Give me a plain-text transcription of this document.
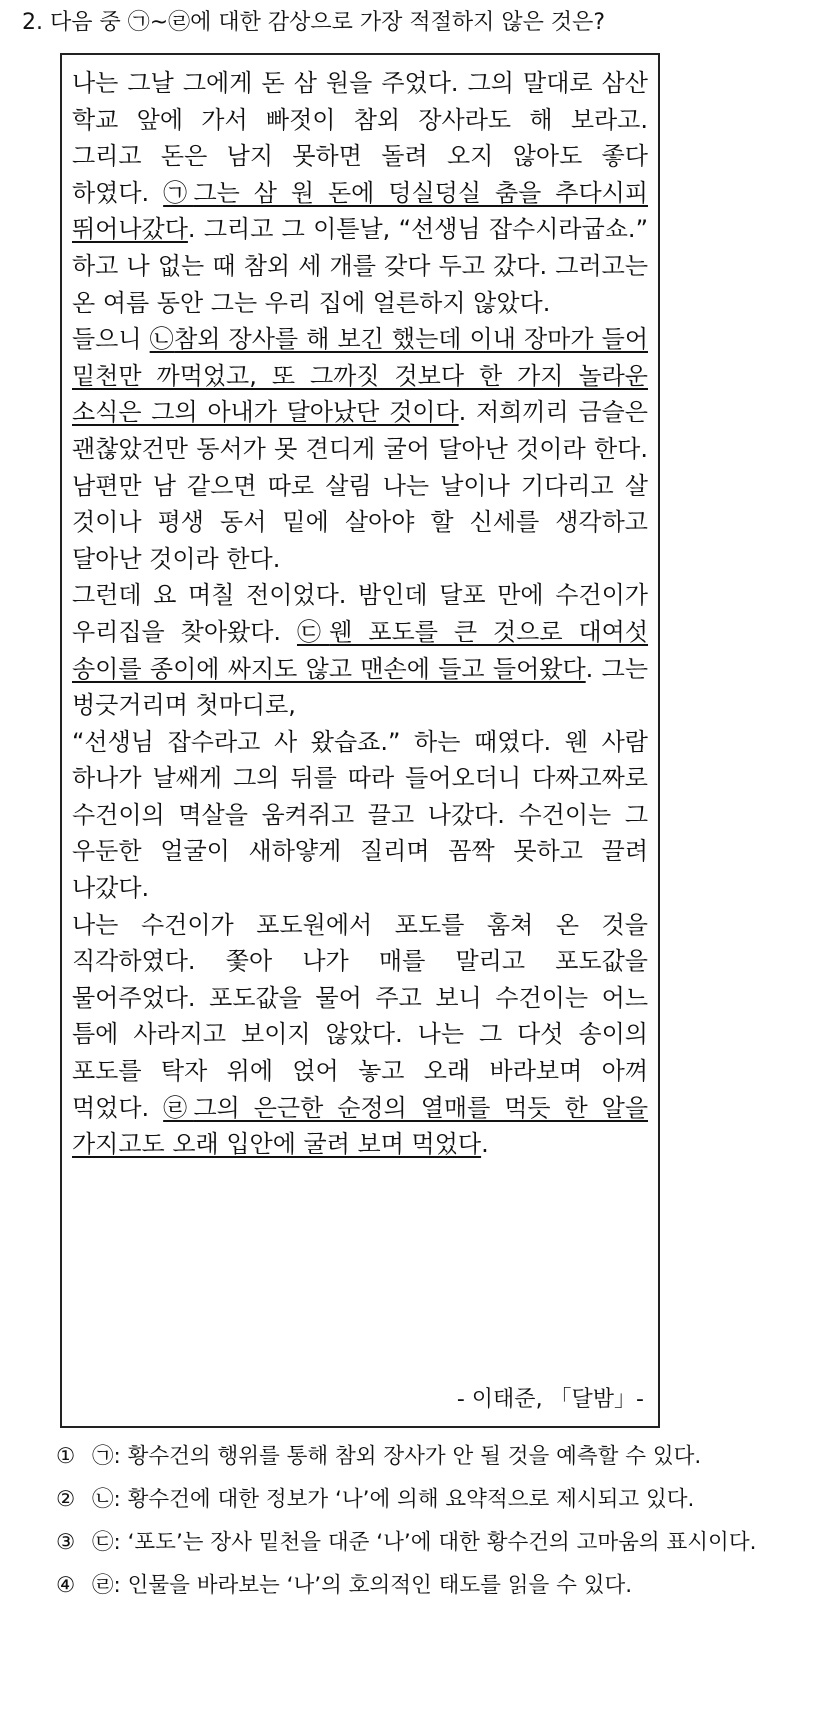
2. 다음 중 ㉠~㉣에 대한 감상으로 가장 적절하지 않은 것은?

나는 그날 그에게 돈 삼 원을 주었다. 그의 말대로 삼산 학교 앞에 가서 빠젓이 참외 장사라도 해 보라고. 그리고 돈은 남지 못하면 돌려 오지 않아도 좋다 하였다. ㉠그는 삼 원 돈에 덩실덩실 춤을 추다시피 뛰어나갔다. 그리고 그 이튿날, “선생님 잡수시라굽쇼.” 하고 나 없는 때 참외 세 개를 갖다 두고 갔다. 그러고는 온 여름 동안 그는 우리 집에 얼른하지 않았다.

들으니 ㉡참외 장사를 해 보긴 했는데 이내 장마가 들어 밑천만 까먹었고, 또 그까짓 것보다 한 가지 놀라운 소식은 그의 아내가 달아났단 것이다. 저희끼리 금슬은 괜찮았건만 동서가 못 견디게 굴어 달아난 것이라 한다. 남편만 남 같으면 따로 살림 나는 날이나 기다리고 살 것이나 평생 동서 밑에 살아야 할 신세를 생각하고 달아난 것이라 한다.

그런데 요 며칠 전이었다. 밤인데 달포 만에 수건이가 우리집을 찾아왔다. ㉢웬 포도를 큰 것으로 대여섯 송이를 종이에 싸지도 않고 맨손에 들고 들어왔다. 그는 벙긋거리며 첫마디로,

“선생님 잡수라고 사 왔습죠.” 하는 때였다. 웬 사람 하나가 날쌔게 그의 뒤를 따라 들어오더니 다짜고짜로 수건이의 멱살을 움켜쥐고 끌고 나갔다. 수건이는 그 우둔한 얼굴이 새하얗게 질리며 꼼짝 못하고 끌려 나갔다.

나는 수건이가 포도원에서 포도를 훔쳐 온 것을 직각하였다. 쫓아 나가 매를 말리고 포도값을 물어주었다. 포도값을 물어 주고 보니 수건이는 어느 틈에 사라지고 보이지 않았다. 나는 그 다섯 송이의 포도를 탁자 위에 얹어 놓고 오래 바라보며 아껴 먹었다. ㉣그의 은근한 순정의 열매를 먹듯 한 알을 가지고도 오래 입안에 굴려 보며 먹었다.

- 이태준, 「달밤」-
① ㉠: 황수건의 행위를 통해 참외 장사가 안 될 것을 예측할 수 있다.
② ㉡: 황수건에 대한 정보가 ‘나’에 의해 요약적으로 제시되고 있다.
③ ㉢: ‘포도’는 장사 밑천을 대준 ‘나’에 대한 황수건의 고마움의 표시이다.
④ ㉣: 인물을 바라보는 ‘나’의 호의적인 태도를 읽을 수 있다.
